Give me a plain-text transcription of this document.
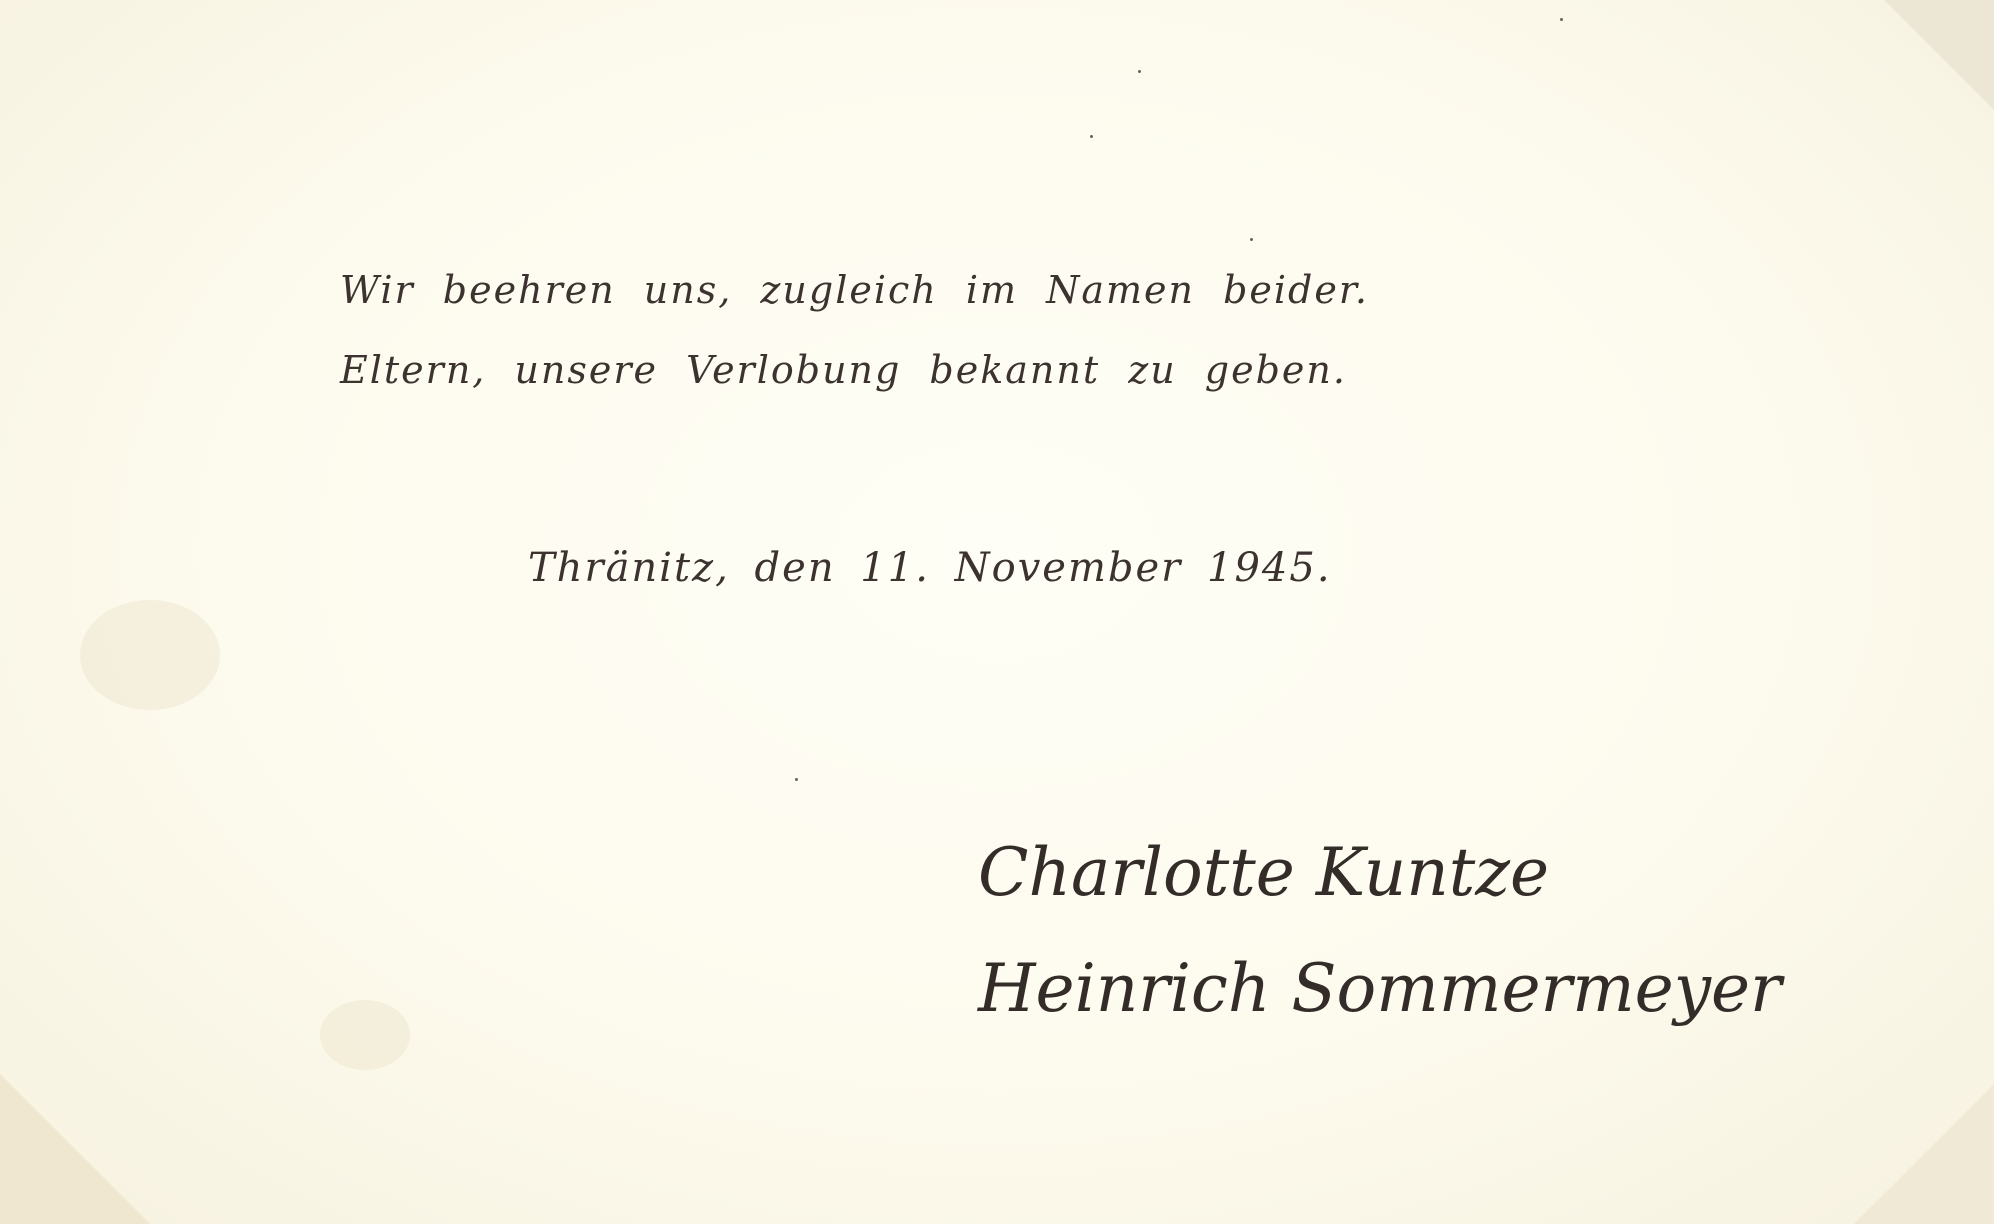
Wir beehren uns, zugleich im Namen beider.
Eltern, unsere Verlobung bekannt zu geben.
Thränitz, den 11. November 1945.
Charlotte Kuntze
Heinrich Sommermeyer
